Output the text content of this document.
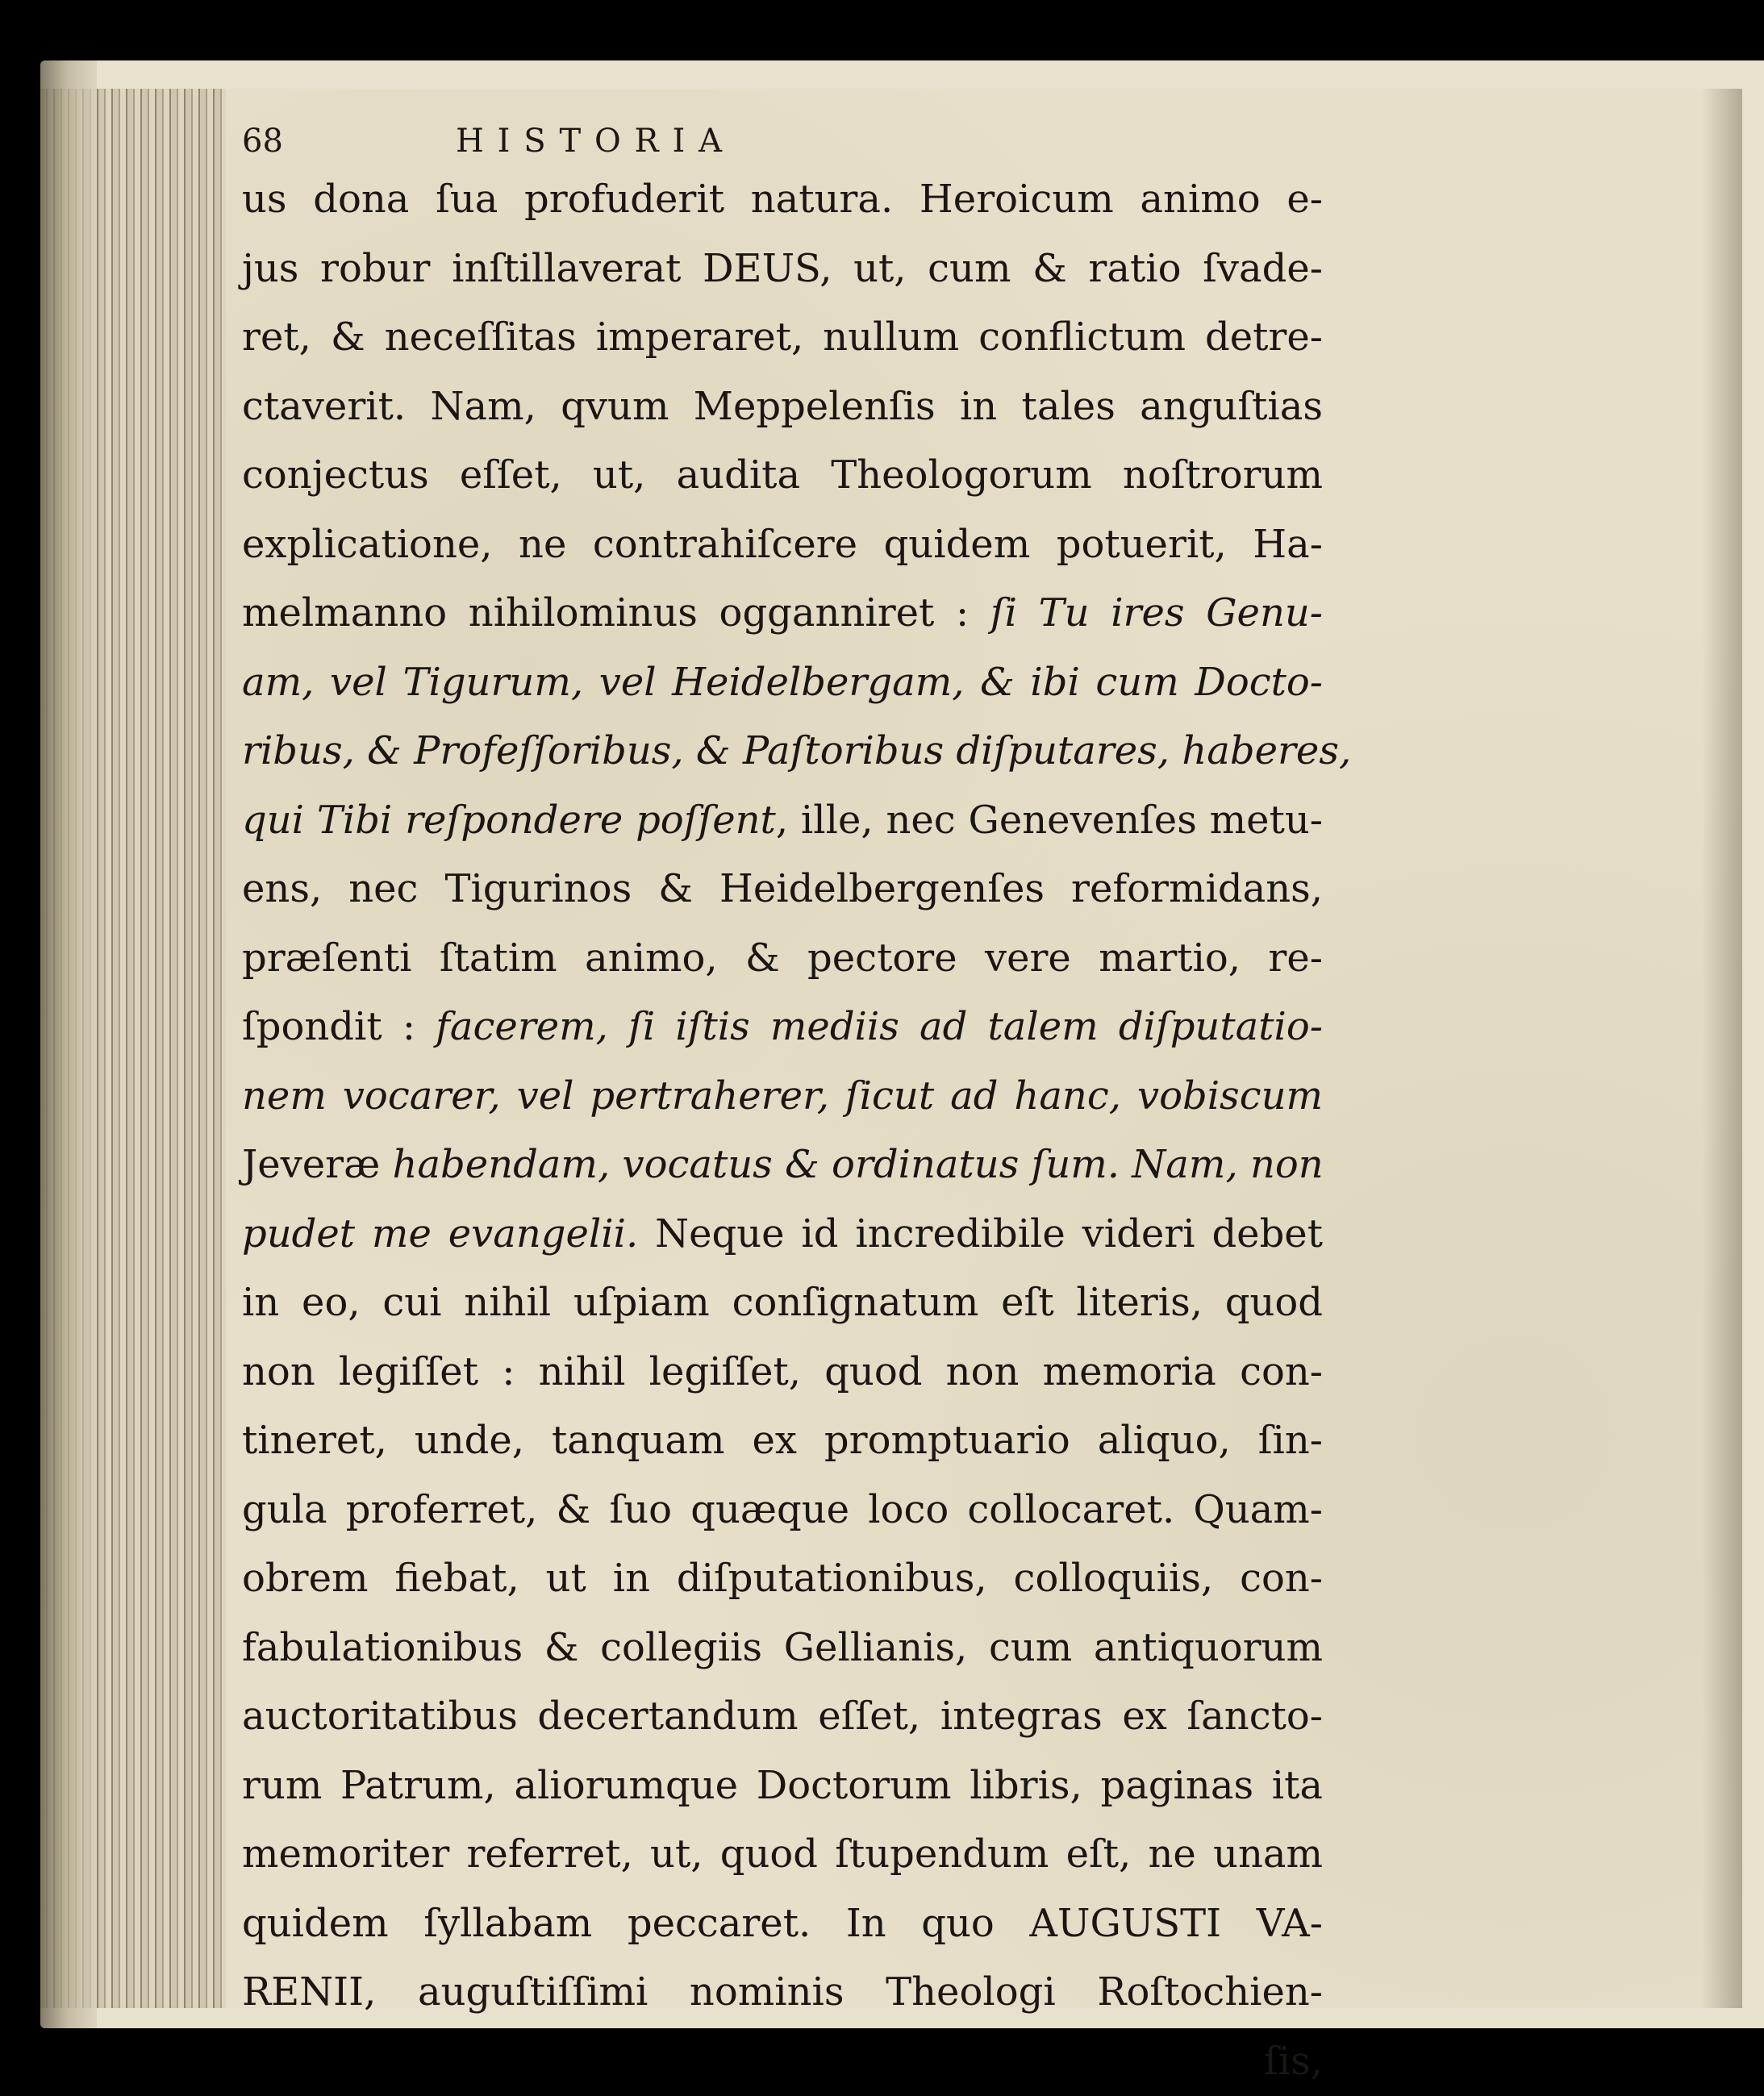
68	HISTORIA
us dona ſua profuderit natura. Heroicum animo e-
jus robur inſtillaverat DEUS, ut, cum & ratio ſvade-
ret, & neceſſitas imperaret, nullum conflictum detre-
ctaverit. Nam, qvum Meppelenſis in tales anguſtias
conjectus eſſet, ut, audita Theologorum noſtrorum
explicatione, ne contrahiſcere quidem potuerit, Ha-
melmanno nihilominus ogganniret : ſi Tu ires Genu-
am, vel Tigurum, vel Heidelbergam, & ibi cum Docto-
ribus, & Profeſſoribus, & Paſtoribus diſputares, haberes,
qui Tibi reſpondere poſſent, ille, nec Genevenſes metu-
ens, nec Tigurinos & Heidelbergenſes reformidans,
præſenti ſtatim animo, & pectore vere martio, re-
ſpondit : facerem, ſi iſtis mediis ad talem diſputatio-
nem vocarer, vel pertraherer, ſicut ad hanc, vobiscum
Jeveræ habendam, vocatus & ordinatus ſum. Nam, non
pudet me evangelii. Neque id incredibile videri debet
in eo, cui nihil uſpiam conſignatum eſt literis, quod
non legiſſet : nihil legiſſet, quod non memoria con-
tineret, unde, tanquam ex promptuario aliquo, ſin-
gula proferret, & ſuo quæque loco collocaret. Quam-
obrem fiebat, ut in diſputationibus, colloquiis, con-
fabulationibus & collegiis Gellianis, cum antiquorum
auctoritatibus decertandum eſſet, integras ex ſancto-
rum Patrum, aliorumque Doctorum libris, paginas ita
memoriter referret, ut, quod ſtupendum eſt, ne unam
quidem ſyllabam peccaret. In quo AUGUSTI VA-
RENII, auguſtiſſimi nominis Theologi Roſtochien-
ſis,
